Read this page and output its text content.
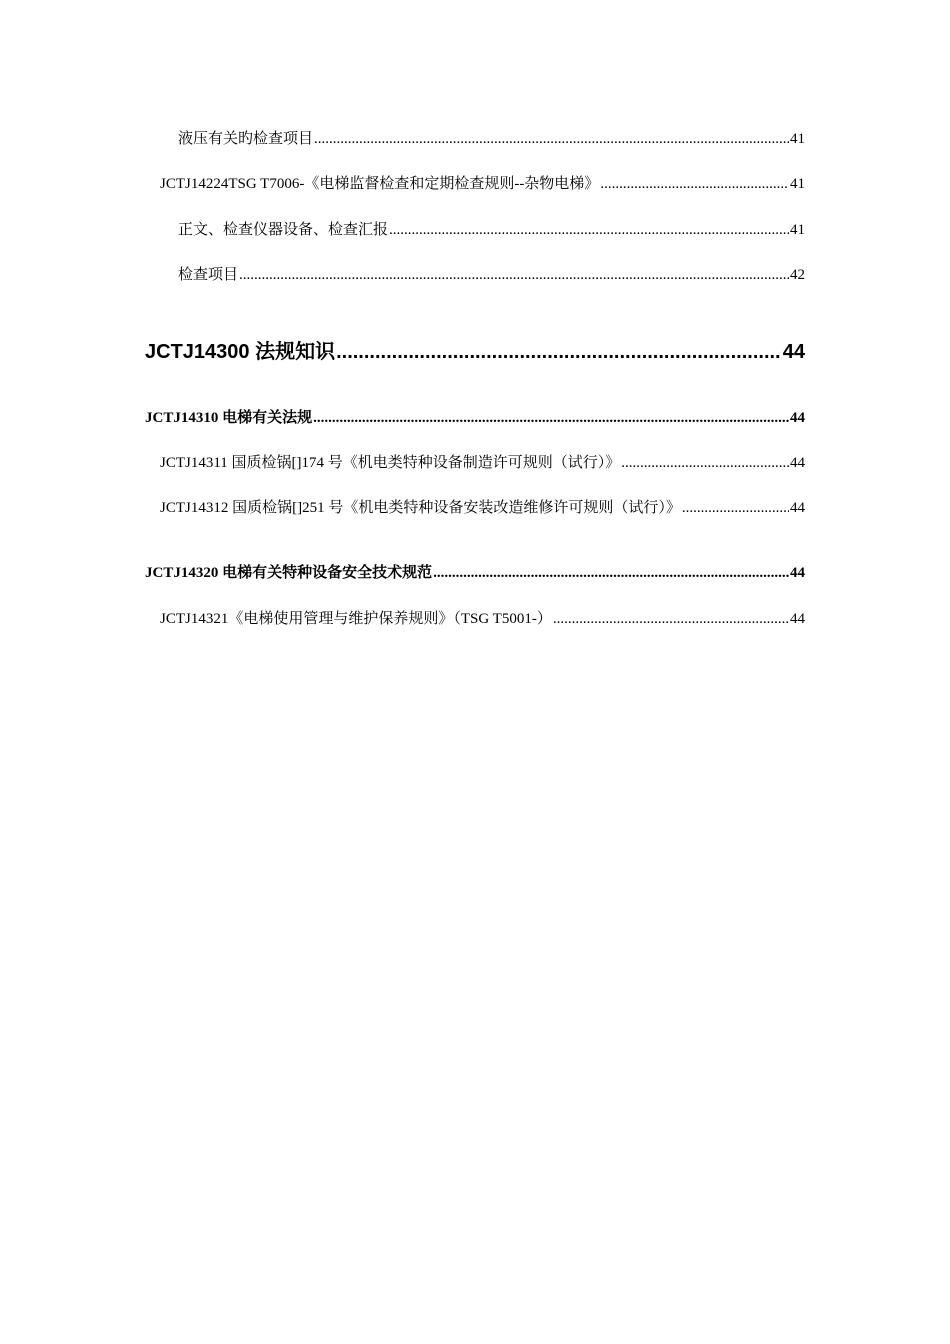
液压有关旳检查项目 .....	41
JCTJ14224TSG T7006-《电梯监督检查和定期检查规则--杂物电梯》 .....	41
正文、检查仪器设备、检查汇报 .....	41
检查项目 .....	42
JCTJ14300 法规知识 .....	44
JCTJ14310 电梯有关法规 .....	44
JCTJ14311 国质检锅[]174 号《机电类特种设备制造许可规则（试行）》 .....	44
JCTJ14312 国质检锅[]251 号《机电类特种设备安装改造维修许可规则（试行）》 .....	44
JCTJ14320 电梯有关特种设备安全技术规范 .....	44
JCTJ14321《电梯使用管理与维护保养规则》（TSG T5001-） .....	44
